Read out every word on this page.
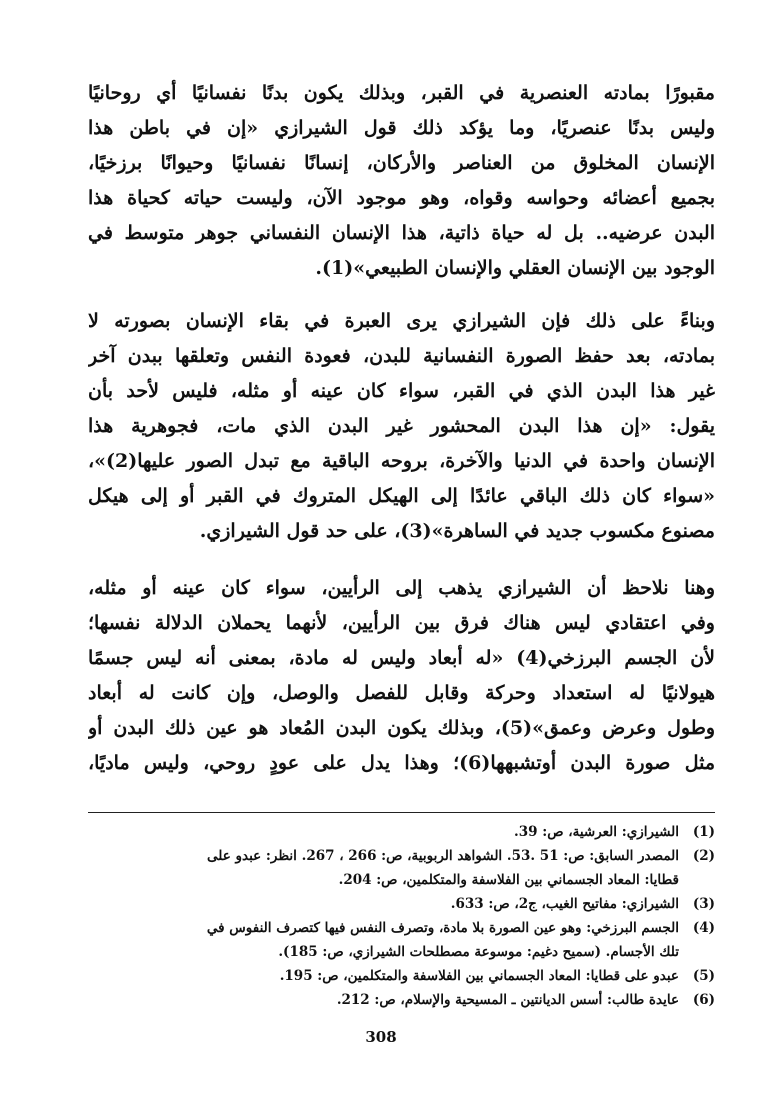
مقبورًا بمادته العنصرية في القبر، وبذلك يكون بدنًا نفسانيًا أي روحانيًا

وليس بدنًا عنصريًا، وما يؤكد ذلك قول الشيرازي «إن في باطن هذا

الإنسان المخلوق من العناصر والأركان، إنسانًا نفسانيًا وحيوانًا برزخيًا،

بجميع أعضائه وحواسه وقواه، وهو موجود الآن، وليست حياته كحياة هذا

البدن عرضيه.. بل له حياة ذاتية، هذا الإنسان النفساني جوهر متوسط في

الوجود بين الإنسان العقلي والإنسان الطبيعي»(1).

وبناءً على ذلك فإن الشيرازي يرى العبرة في بقاء الإنسان بصورته لا

بمادته، بعد حفظ الصورة النفسانية للبدن، فعودة النفس وتعلقها ببدن آخر

غير هذا البدن الذي في القبر، سواء كان عينه أو مثله، فليس لأحد بأن

يقول: «إن هذا البدن المحشور غير البدن الذي مات، فجوهرية هذا

الإنسان واحدة في الدنيا والآخرة، بروحه الباقية مع تبدل الصور عليها(2)»،

«سواء كان ذلك الباقي عائدًا إلى الهيكل المتروك في القبر أو إلى هيكل

مصنوع مكسوب جديد في الساهرة»(3)، على حد قول الشيرازي.

وهنا نلاحظ أن الشيرازي يذهب إلى الرأيين، سواء كان عينه أو مثله،

وفي اعتقادي ليس هناك فرق بين الرأيين، لأنهما يحملان الدلالة نفسها؛

لأن الجسم البرزخي(4) «له أبعاد وليس له مادة، بمعنى أنه ليس جسمًا

هيولانيًا له استعداد وحركة وقابل للفصل والوصل، وإن كانت له أبعاد

وطول وعرض وعمق»(5)، وبذلك يكون البدن المُعاد هو عين ذلك البدن أو

مثل صورة البدن أوتشبهها(6)؛ وهذا يدل على عودٍ روحي، وليس ماديًا،

(1)
الشيرازي: العرشية، ص: 39.
(2)
المصدر السابق: ص: 51 .53. الشواهد الربوبية، ص: 266 ، 267. انظر: عبدو على
قطايا: المعاد الجسماني بين الفلاسفة والمتكلمين، ص: 204.
(3)
الشيرازي: مفاتيح الغيب، ج2، ص: 633.
(4)
الجسم البرزخي: وهو عين الصورة بلا مادة، وتصرف النفس فيها كتصرف النفوس في
تلك الأجسام. (سميح دغيم: موسوعة مصطلحات الشيرازي، ص: 185).
(5)
عبدو على قطايا: المعاد الجسماني بين الفلاسفة والمتكلمين، ص: 195.
(6)
عايدة طالب: أسس الديانتين ـ المسيحية والإسلام، ص: 212.
308
